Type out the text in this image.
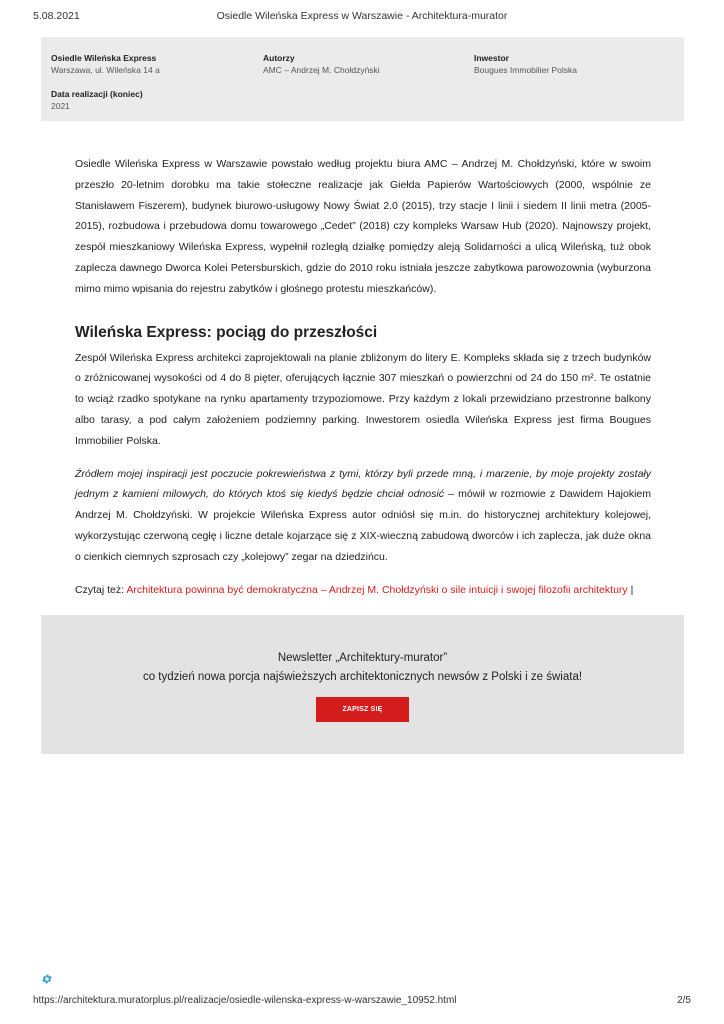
5.08.2021	Osiedle Wileńska Express w Warszawie - Architektura-murator
Osiedle Wileńska Express
Warszawa, ul. Wileńska 14 a
Autorzy
AMC – Andrzej M. Chołdzyński
Inwestor
Bougues Immobilier Polska
Data realizacji (koniec)
2021

Osiedle Wileńska Express w Warszawie powstało według projektu biura AMC – Andrzej M. Chołdzyński, które w swoim przeszło 20-letnim dorobku ma takie stołeczne realizacje jak Giełda Papierów Wartościowych (2000, wspólnie ze Stanisławem Fiszerem), budynek biurowo-usługowy Nowy Świat 2.0 (2015), trzy stacje I linii i siedem II linii metra (2005-2015), rozbudowa i przebudowa domu towarowego „Cedet” (2018) czy kompleks Warsaw Hub (2020). Najnowszy projekt, zespół mieszkaniowy Wileńska Express, wypełnił rozległą działkę pomiędzy aleją Solidarności a ulicą Wileńską, tuż obok zaplecza dawnego Dworca Kolei Petersburskich, gdzie do 2010 roku istniała jeszcze zabytkowa parowozownia (wyburzona mimo mimo wpisania do rejestru zabytków i głośnego protestu mieszkańców).

Wileńska Express: pociąg do przeszłości

Zespół Wileńska Express architekci zaprojektowali na planie zbliżonym do litery E. Kompleks składa się z trzech budynków o zróżnicowanej wysokości od 4 do 8 pięter, oferujących łącznie 307 mieszkań o powierzchni od 24 do 150 m². Te ostatnie to wciąż rzadko spotykane na rynku apartamenty trzypoziomowe. Przy każdym z lokali przewidziano przestronne balkony albo tarasy, a pod całym założeniem podziemny parking. Inwestorem osiedla Wileńska Express jest firma Bougues Immobilier Polska.

Źródłem mojej inspiracji jest poczucie pokrewieństwa z tymi, którzy byli przede mną, i marzenie, by moje projekty zostały jednym z kamieni milowych, do których ktoś się kiedyś będzie chciał odnosić – mówił w rozmowie z Dawidem Hajokiem Andrzej M. Chołdzyński. W projekcie Wileńska Express autor odniósł się m.in. do historycznej architektury kolejowej, wykorzystując czerwoną cegłę i liczne detale kojarzące się z XIX-wieczną zabudową dworców i ich zaplecza, jak duże okna o cienkich ciemnych szprosach czy „kolejowy” zegar na dziedzińcu.

Czytaj też: Architektura powinna być demokratyczna – Andrzej M. Chołdzyński o sile intuicji i swojej filozofii architektury |

Newsletter „Architektury-murator”
co tydzień nowa porcja najświeższych architektonicznych newsów z Polski i ze świata!
ZAPISZ SIĘ
https://architektura.muratorplus.pl/realizacje/osiedle-wilenska-express-w-warszawie_10952.html	2/5
